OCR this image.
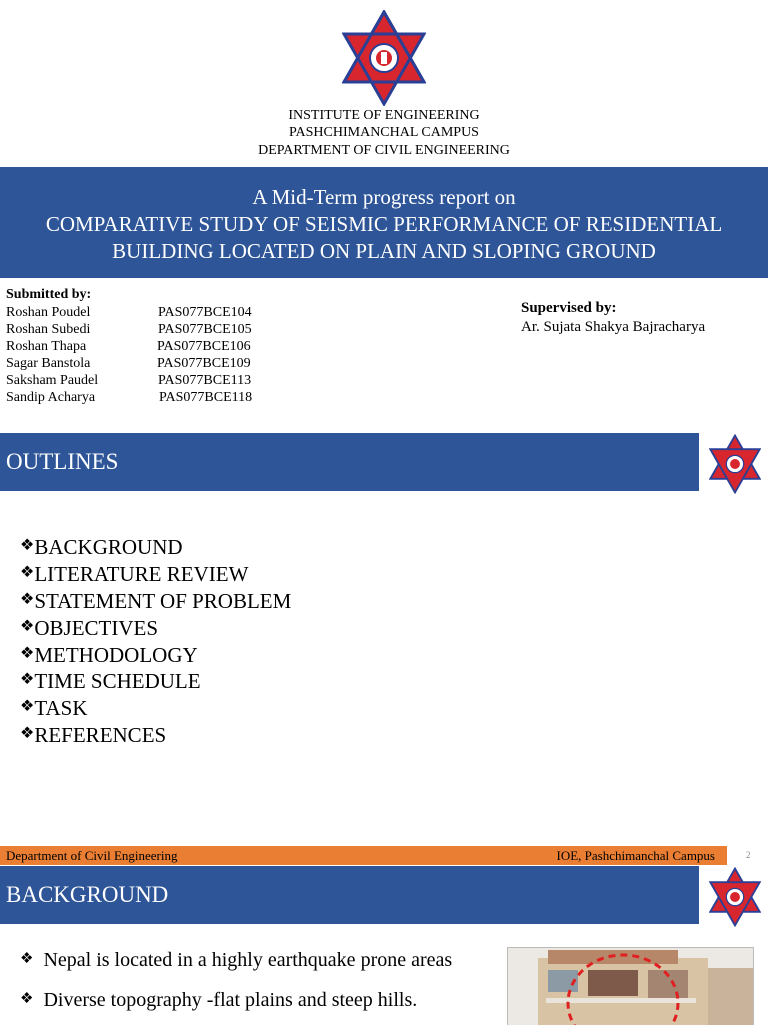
INSTITUTE OF ENGINEERING
PASHCHIMANCHAL CAMPUS
DEPARTMENT OF CIVIL ENGINEERING
A Mid-Term progress report on
COMPARATIVE STUDY OF SEISMIC PERFORMANCE OF RESIDENTIAL
BUILDING LOCATED ON PLAIN AND SLOPING GROUND
Submitted by:
Roshan Poudel	PAS077BCE104
Roshan Subedi	PAS077BCE105
Roshan Thapa	PAS077BCE106
Sagar Banstola	PAS077BCE109
Saksham Paudel	PAS077BCE113
Sandip Acharya	PAS077BCE118
Supervised by:
Ar. Sujata Shakya Bajracharya
OUTLINES
❖BACKGROUND
❖LITERATURE REVIEW
❖STATEMENT OF PROBLEM
❖OBJECTIVES
❖METHODOLOGY
❖TIME SCHEDULE
❖TASK
❖REFERENCES
Department of Civil Engineering	IOE, Pashchimanchal Campus	2
BACKGROUND
❖ Nepal is located in a highly earthquake prone areas
❖ Diverse topography -flat plains and steep hills.
